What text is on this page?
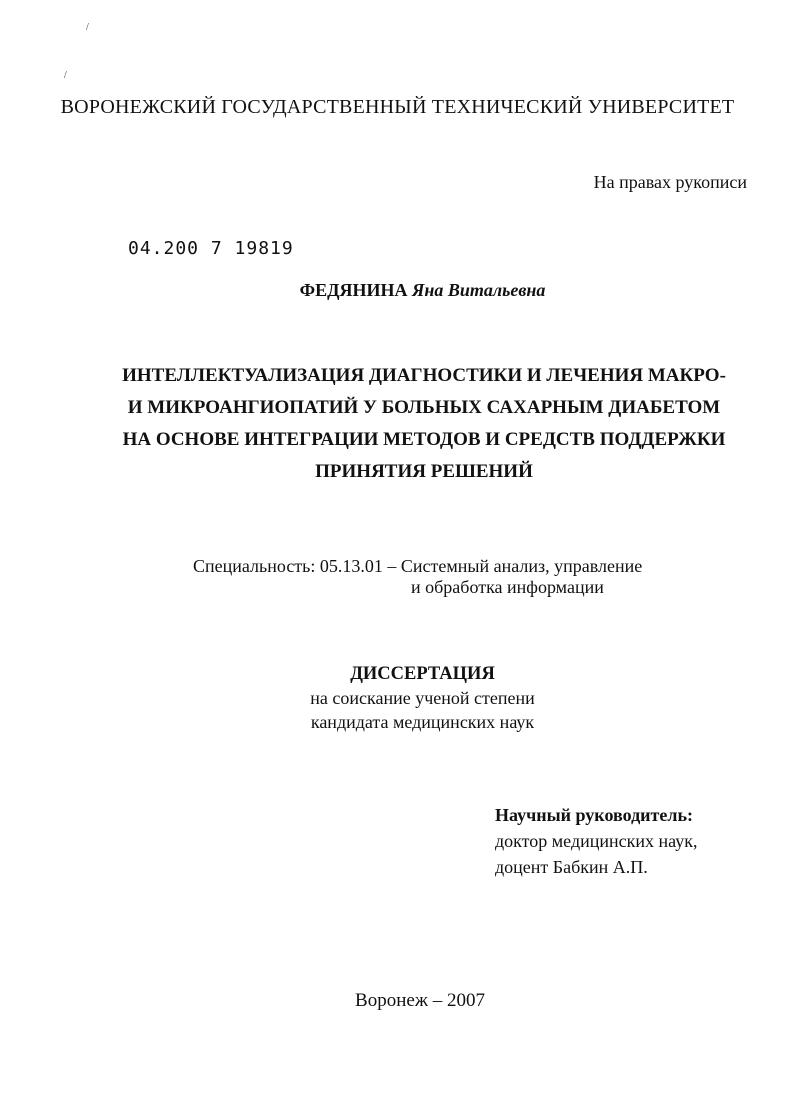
/
/
ВОРОНЕЖСКИЙ ГОСУДАРСТВЕННЫЙ ТЕХНИЧЕСКИЙ УНИВЕРСИТЕТ
На правах рукописи
04.200 7 19819
ФЕДЯНИНА Яна Витальевна
ИНТЕЛЛЕКТУАЛИЗАЦИЯ ДИАГНОСТИКИ И ЛЕЧЕНИЯ МАКРО-
И МИКРОАНГИОПАТИЙ У БОЛЬНЫХ САХАРНЫМ ДИАБЕТОМ
НА ОСНОВЕ ИНТЕГРАЦИИ МЕТОДОВ И СРЕДСТВ ПОДДЕРЖКИ
ПРИНЯТИЯ РЕШЕНИЙ
Специальность: 05.13.01 – Системный анализ, управление
и обработка информации
ДИССЕРТАЦИЯ
на соискание ученой степени
кандидата медицинских наук
Научный руководитель:
доктор медицинских наук,
доцент Бабкин А.П.
Воронеж – 2007
